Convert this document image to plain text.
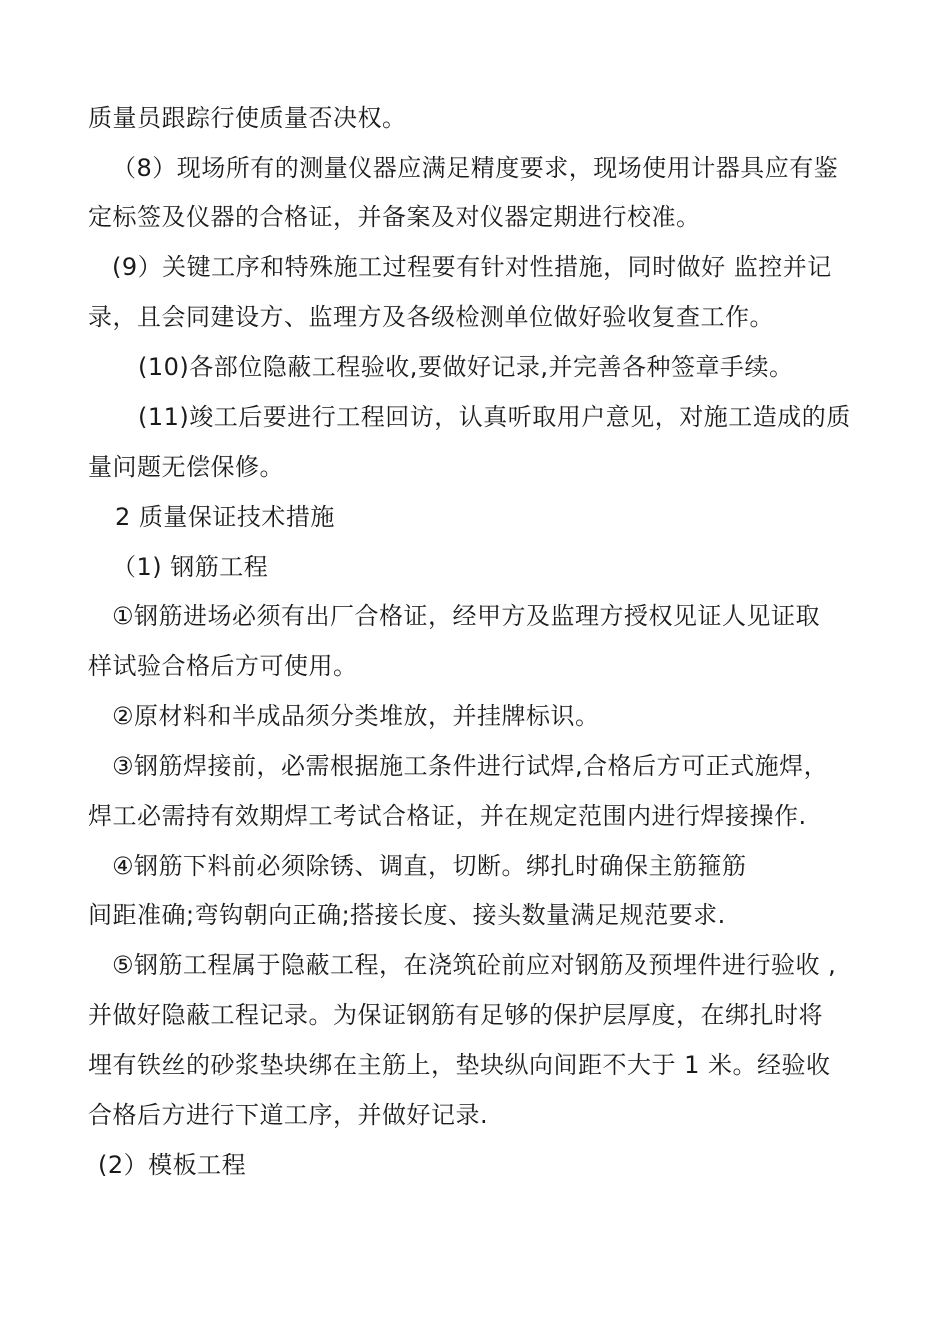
质量员跟踪行使质量否决权。
（8）现场所有的测量仪器应满足精度要求，现场使用计器具应有鉴
定标签及仪器的合格证，并备案及对仪器定期进行校准。
(9）关键工序和特殊施工过程要有针对性措施，同时做好 监控并记
录，且会同建设方、监理方及各级检测单位做好验收复查工作。
(10)各部位隐蔽工程验收,要做好记录,并完善各种签章手续。
(11)竣工后要进行工程回访，认真听取用户意见，对施工造成的质
量问题无偿保修。
2 质量保证技术措施
（1) 钢筋工程
①钢筋进场必须有出厂合格证，经甲方及监理方授权见证人见证取
样试验合格后方可使用。
②原材料和半成品须分类堆放，并挂牌标识。
③钢筋焊接前，必需根据施工条件进行试焊,合格后方可正式施焊，
焊工必需持有效期焊工考试合格证，并在规定范围内进行焊接操作.
④钢筋下料前必须除锈、调直，切断。绑扎时确保主筋箍筋
间距准确;弯钩朝向正确;搭接长度、接头数量满足规范要求.
⑤钢筋工程属于隐蔽工程，在浇筑砼前应对钢筋及预埋件进行验收 ,
并做好隐蔽工程记录。为保证钢筋有足够的保护层厚度，在绑扎时将
埋有铁丝的砂浆垫块绑在主筋上，垫块纵向间距不大于 1 米。经验收
合格后方进行下道工序，并做好记录.
(2）模板工程
